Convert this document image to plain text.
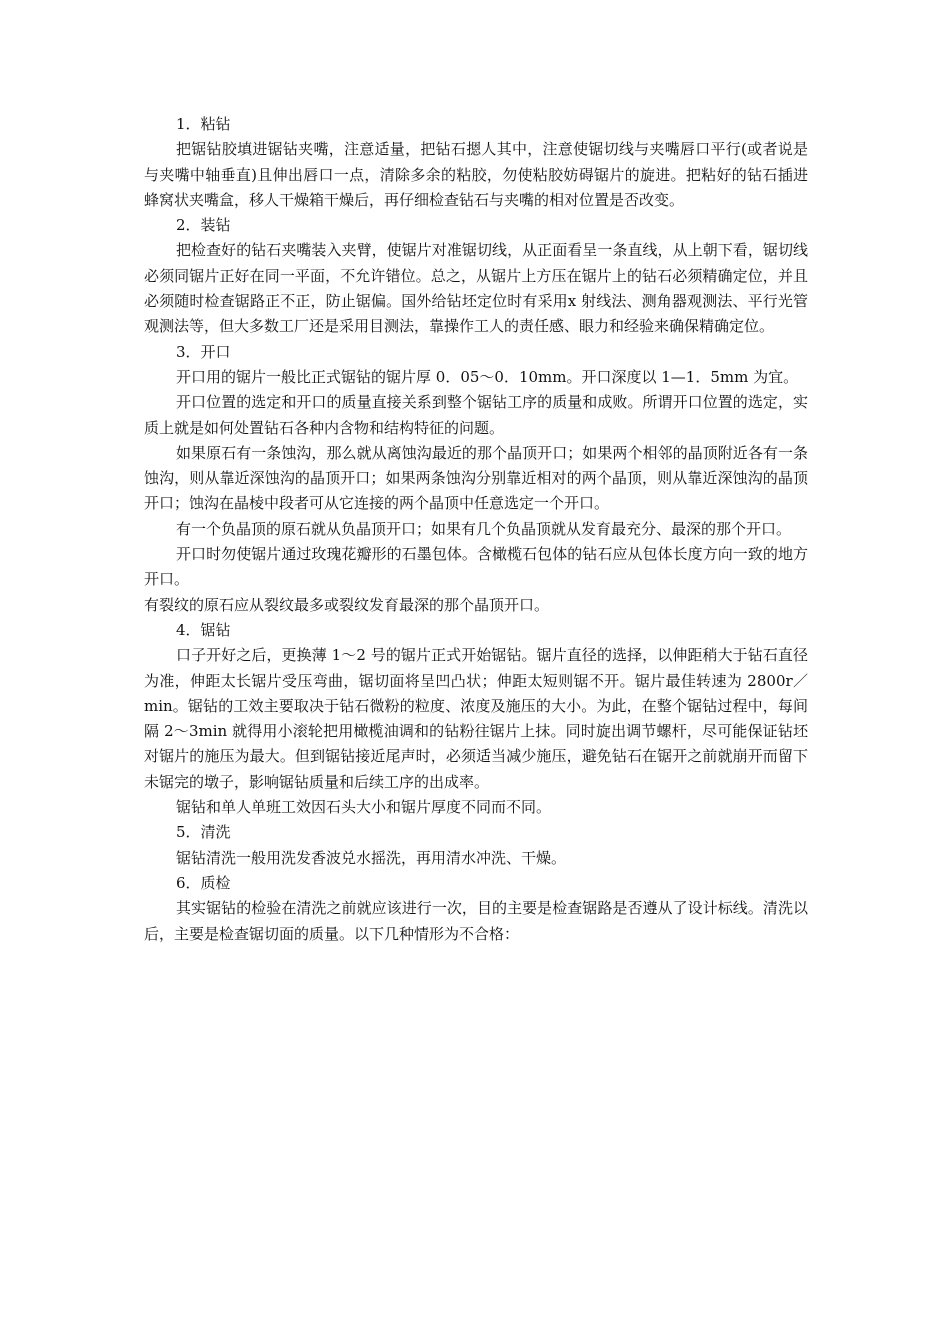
1．粘钻

把锯钻胶填进锯钻夹嘴，注意适量，把钻石摁人其中，注意使锯切线与夹嘴唇口平行(或者说是与夹嘴中轴垂直)且伸出唇口一点，清除多余的粘胶，勿使粘胶妨碍锯片的旋进。把粘好的钻石插进蜂窝状夹嘴盒，移人干燥箱干燥后，再仔细检查钻石与夹嘴的相对位置是否改变。

2．装钻

把检查好的钻石夹嘴装入夹臂，使锯片对准锯切线，从正面看呈一条直线，从上朝下看，锯切线必须同锯片正好在同一平面，不允许错位。总之，从锯片上方压在锯片上的钻石必须精确定位，并且必须随时检查锯路正不正，防止锯偏。国外给钻坯定位时有采用x 射线法、测角器观测法、平行光管观测法等，但大多数工厂还是采用目测法，靠操作工人的责任感、眼力和经验来确保精确定位。

3．开口

开口用的锯片一般比正式锯钻的锯片厚 0．05～0．10mm。开口深度以 1—1．5mm 为宜。

开口位置的选定和开口的质量直接关系到整个锯钻工序的质量和成败。所谓开口位置的选定，实质上就是如何处置钻石各种内含物和结构特征的问题。

如果原石有一条蚀沟，那么就从离蚀沟最近的那个晶顶开口；如果两个相邻的晶顶附近各有一条蚀沟，则从靠近深蚀沟的晶顶开口；如果两条蚀沟分别靠近相对的两个晶顶，则从靠近深蚀沟的晶顶开口；蚀沟在晶棱中段者可从它连接的两个晶顶中任意选定一个开口。

有一个负晶顶的原石就从负晶顶开口；如果有几个负晶顶就从发育最充分、最深的那个开口。

开口时勿使锯片通过玫瑰花瓣形的石墨包体。含橄榄石包体的钻石应从包体长度方向一致的地方开口。

有裂纹的原石应从裂纹最多或裂纹发育最深的那个晶顶开口。

4．锯钻

口子开好之后，更换薄 1～2 号的锯片正式开始锯钻。锯片直径的选择，以伸距稍大于钻石直径为准，伸距太长锯片受压弯曲，锯切面将呈凹凸状；伸距太短则锯不开。锯片最佳转速为 2800r／min。锯钻的工效主要取决于钻石微粉的粒度、浓度及施压的大小。为此，在整个锯钻过程中，每间隔 2～3min 就得用小滚轮把用橄榄油调和的钻粉往锯片上抹。同时旋出调节螺杆，尽可能保证钻坯对锯片的施压为最大。但到锯钻接近尾声时，必须适当减少施压，避免钻石在锯开之前就崩开而留下未锯完的墩子，影响锯钻质量和后续工序的出成率。

锯钻和单人单班工效因石头大小和锯片厚度不同而不同。

5．清洗

锯钻清洗一般用洗发香波兑水摇洗，再用清水冲洗、干燥。

6．质检

其实锯钻的检验在清洗之前就应该进行一次，目的主要是检查锯路是否遵从了设计标线。清洗以后，主要是检查锯切面的质量。以下几种情形为不合格：
